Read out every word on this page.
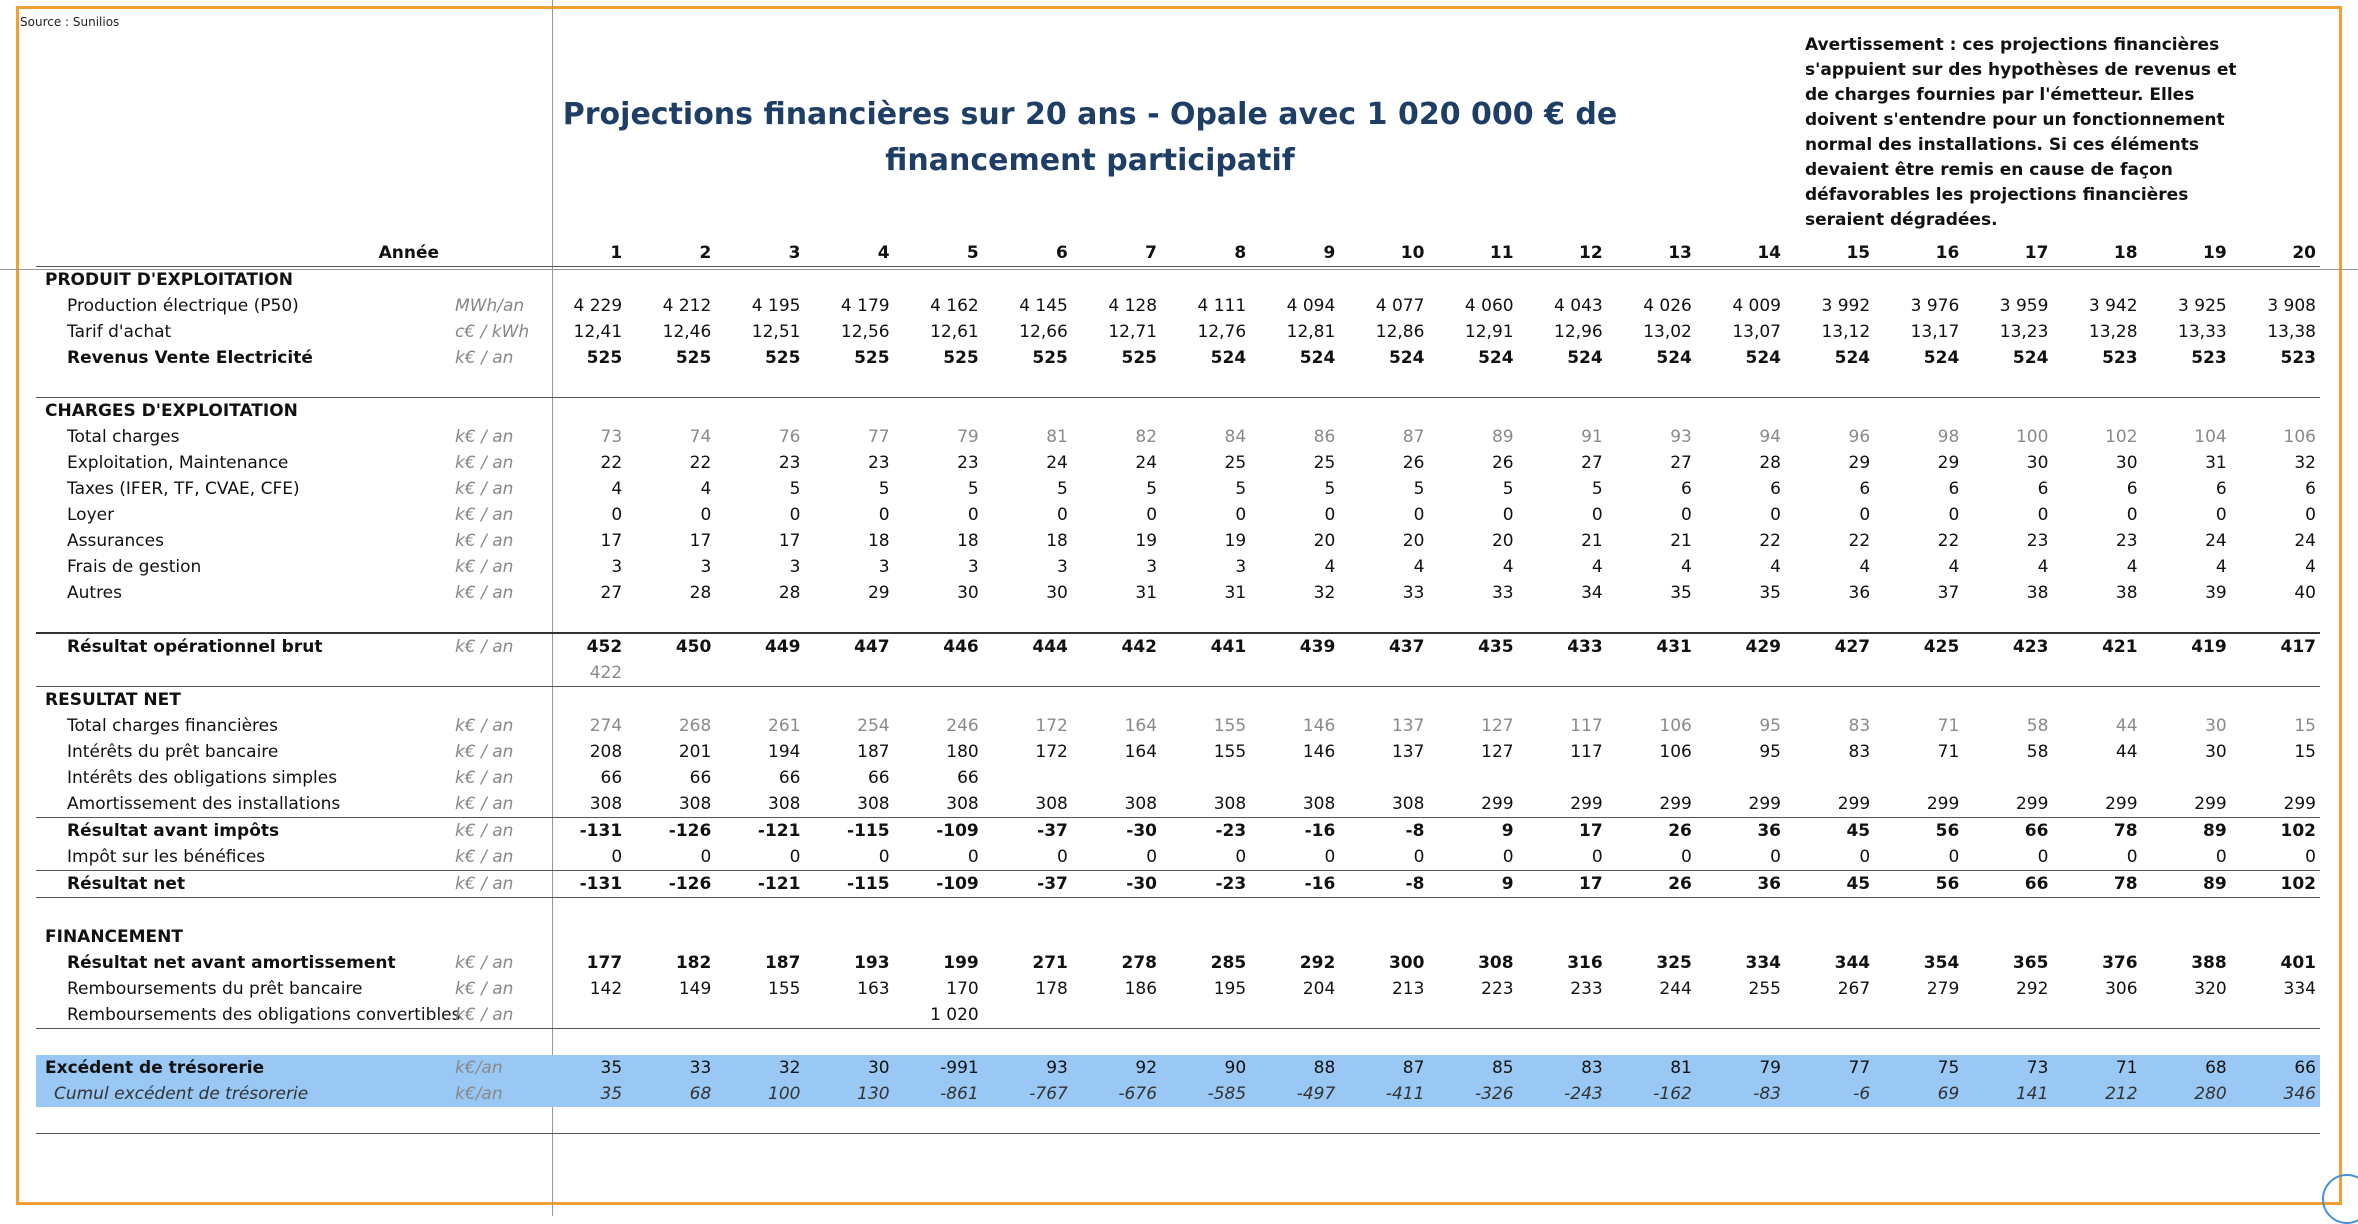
Source : Sunilios
Projections financières sur 20 ans - Opale avec 1 020 000 € de financement participatif
Avertissement : ces projections financières s'appuient sur des hypothèses de revenus et de charges fournies par l'émetteur. Elles doivent s'entendre pour un fonctionnement normal des installations. Si ces éléments devaient être remis en cause de façon défavorables les projections financières seraient dégradées.
Année		1	2	3	4	5	6	7	8	9	10	11	12	13	14	15	16	17	18	19	20
PRODUIT D'EXPLOITATION																					
Production électrique (P50)	MWh/an	4 229	4 212	4 195	4 179	4 162	4 145	4 128	4 111	4 094	4 077	4 060	4 043	4 026	4 009	3 992	3 976	3 959	3 942	3 925	3 908
Tarif d'achat	c€ / kWh	12,41	12,46	12,51	12,56	12,61	12,66	12,71	12,76	12,81	12,86	12,91	12,96	13,02	13,07	13,12	13,17	13,23	13,28	13,33	13,38
Revenus Vente Electricité	k€ / an	525	525	525	525	525	525	525	524	524	524	524	524	524	524	524	524	524	523	523	523

CHARGES D'EXPLOITATION																					
Total charges	k€ / an	73	74	76	77	79	81	82	84	86	87	89	91	93	94	96	98	100	102	104	106
Exploitation, Maintenance	k€ / an	22	22	23	23	23	24	24	25	25	26	26	27	27	28	29	29	30	30	31	32
Taxes (IFER, TF, CVAE, CFE)	k€ / an	4	4	5	5	5	5	5	5	5	5	5	5	6	6	6	6	6	6	6	6
Loyer	k€ / an	0	0	0	0	0	0	0	0	0	0	0	0	0	0	0	0	0	0	0	0
Assurances	k€ / an	17	17	17	18	18	18	19	19	20	20	20	21	21	22	22	22	23	23	24	24
Frais de gestion	k€ / an	3	3	3	3	3	3	3	3	4	4	4	4	4	4	4	4	4	4	4	4
Autres	k€ / an	27	28	28	29	30	30	31	31	32	33	33	34	35	35	36	37	38	38	39	40

Résultat opérationnel brut	k€ / an	452	450	449	447	446	444	442	441	439	437	435	433	431	429	427	425	423	421	419	417
		422																			
RESULTAT NET																					
Total charges financières	k€ / an	274	268	261	254	246	172	164	155	146	137	127	117	106	95	83	71	58	44	30	15
Intérêts du prêt bancaire	k€ / an	208	201	194	187	180	172	164	155	146	137	127	117	106	95	83	71	58	44	30	15
Intérêts des obligations simples	k€ / an	66	66	66	66	66															
Amortissement des installations	k€ / an	308	308	308	308	308	308	308	308	308	308	299	299	299	299	299	299	299	299	299	299
Résultat avant impôts	k€ / an	-131	-126	-121	-115	-109	-37	-30	-23	-16	-8	9	17	26	36	45	56	66	78	89	102
Impôt sur les bénéfices	k€ / an	0	0	0	0	0	0	0	0	0	0	0	0	0	0	0	0	0	0	0	0
Résultat net	k€ / an	-131	-126	-121	-115	-109	-37	-30	-23	-16	-8	9	17	26	36	45	56	66	78	89	102

FINANCEMENT																					
Résultat net avant amortissement	k€ / an	177	182	187	193	199	271	278	285	292	300	308	316	325	334	344	354	365	376	388	401
Remboursements du prêt bancaire	k€ / an	142	149	155	163	170	178	186	195	204	213	223	233	244	255	267	279	292	306	320	334
Remboursements des obligations convertibles	k€ / an					1 020															

Excédent de trésorerie	k€/an	35	33	32	30	-991	93	92	90	88	87	85	83	81	79	77	75	73	71	68	66
Cumul excédent de trésorerie	k€/an	35	68	100	130	-861	-767	-676	-585	-497	-411	-326	-243	-162	-83	-6	69	141	212	280	346
